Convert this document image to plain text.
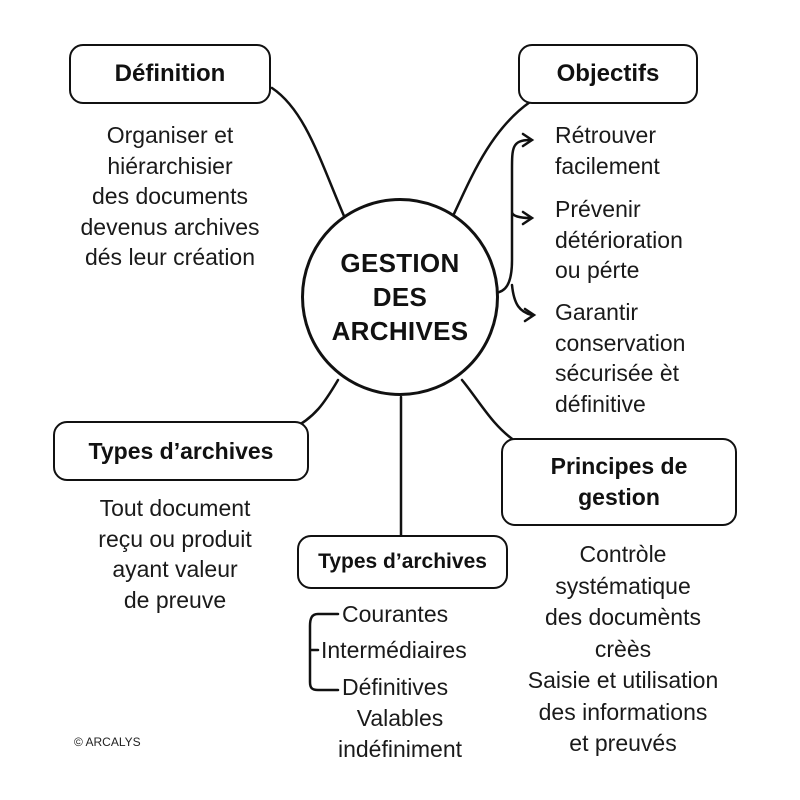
GESTION
DES
ARCHIVES
Définition
Organiser et
hiérarchisier
des documents
devenus archives
dés leur création
Objectifs
Rétrouver
facilement
Prévenir
détérioration
ou pérte
Garantir
conservation
sécurisée èt
définitive
Types d’archives
Tout document
reçu ou produit
ayant valeur
de preuve
Types d’archives
Courantes
Intermédiaires
Définitives
Valables
indéfiniment
Principes de
gestion
Contròle
systématique
des documènts
crèès
Saisie et utilisation
des informations
et preuvés
© ARCALYS
